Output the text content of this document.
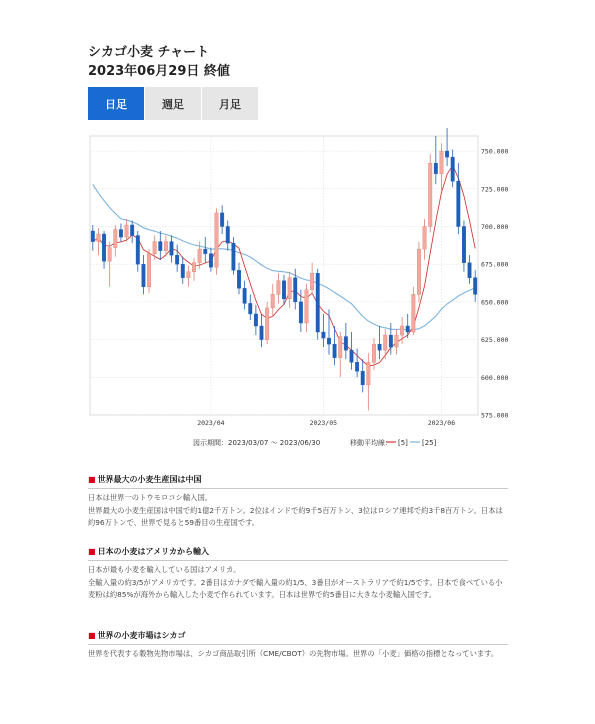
シカゴ小麦 チャート
2023年06月29日 終値
日足	週足	月足
750.000
725.000
700.000
675.000
650.000
625.000
600.000
575.000
2023/04	2023/05	2023/06
図示期間：2023/03/07 ～ 2023/06/30	移動平均線： [5] [25]
■ 世界最大の小麦生産国は中国

日本は世界一のトウモロコシ輸入国。

世界最大の小麦生産国は中国で約1億2千万トン。2位はインドで約9千5百万トン、3位はロシア連邦で約3千8百万トン。日本は約96万トンで、世界で見ると59番目の生産国です。

■ 日本の小麦はアメリカから輸入

日本が最も小麦を輸入している国はアメリカ。

全輸入量の約3/5がアメリカです。2番目はカナダで輸入量の約1/5、3番目がオーストラリアで約1/5です。日本で食べている小麦粉は約85%が海外から輸入した小麦で作られています。日本は世界で約5番目に大きな小麦輸入国です。

■ 世界の小麦市場はシカゴ

世界を代表する穀物先物市場は、シカゴ商品取引所（CME/CBOT）の先物市場。世界の「小麦」価格の指標となっています。
